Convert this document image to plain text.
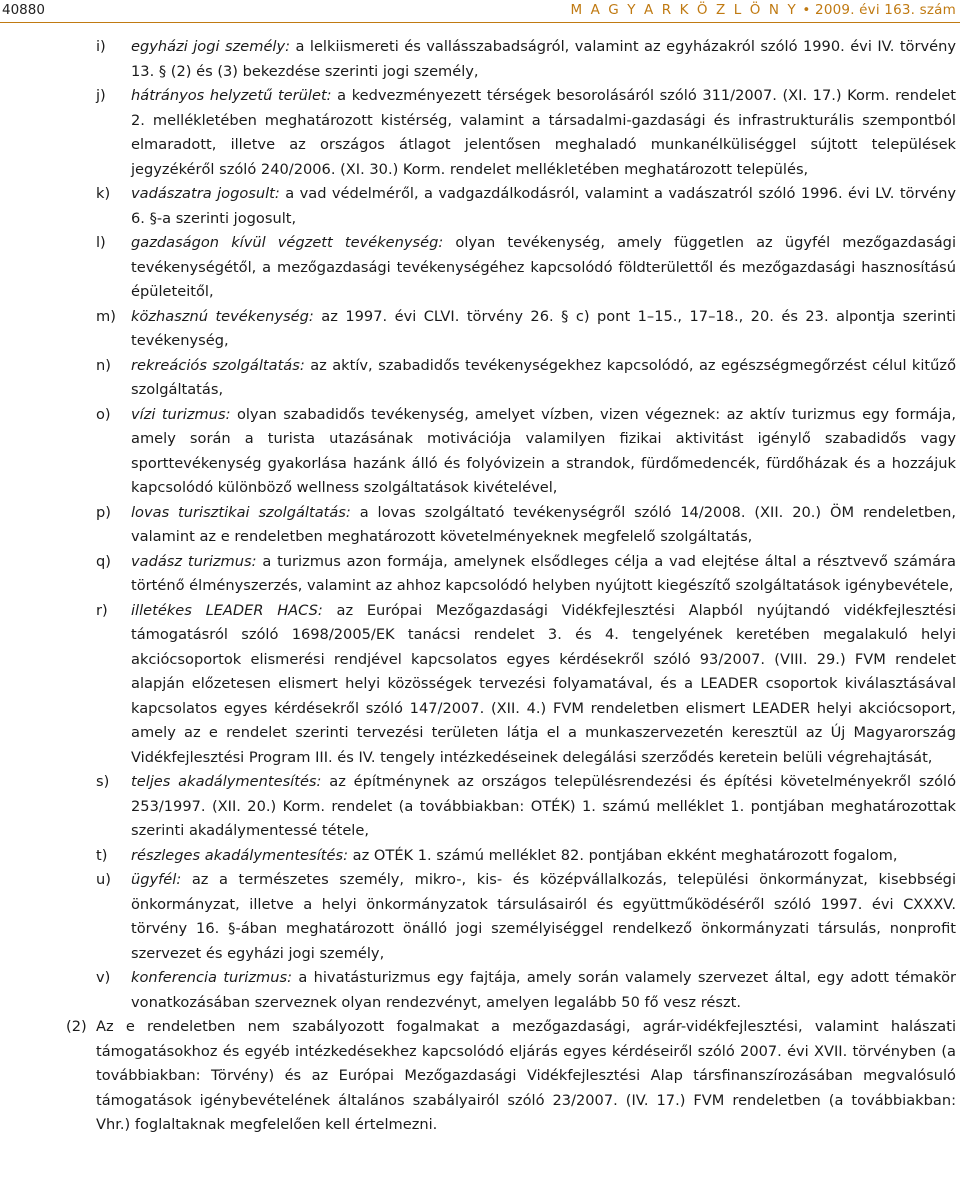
40880	M A G Y A R K Ö Z L Ö N Y • 2009. évi 163. szám
i) egyházi jogi személy: a lelkiismereti és vallásszabadságról, valamint az egyházakról szóló 1990. évi IV. törvény 13. § (2) és (3) bekezdése szerinti jogi személy,
j) hátrányos helyzetű terület: a kedvezményezett térségek besorolásáról szóló 311/2007. (XI. 17.) Korm. rendelet 2. mellékletében meghatározott kistérség, valamint a társadalmi-gazdasági és infrastrukturális szempontból elmaradott, illetve az országos átlagot jelentősen meghaladó munkanélküliséggel sújtott települések jegyzékéről szóló 240/2006. (XI. 30.) Korm. rendelet mellékletében meghatározott település,
k) vadászatra jogosult: a vad védelméről, a vadgazdálkodásról, valamint a vadászatról szóló 1996. évi LV. törvény 6. §-a szerinti jogosult,
l) gazdaságon kívül végzett tevékenység: olyan tevékenység, amely független az ügyfél mezőgazdasági tevékenységétől, a mezőgazdasági tevékenységéhez kapcsolódó földterülettől és mezőgazdasági hasznosítású épületeitől,
m) közhasznú tevékenység: az 1997. évi CLVI. törvény 26. § c) pont 1–15., 17–18., 20. és 23. alpontja szerinti tevékenység,
n) rekreációs szolgáltatás: az aktív, szabadidős tevékenységekhez kapcsolódó, az egészségmegőrzést célul kitűző szolgáltatás,
o) vízi turizmus: olyan szabadidős tevékenység, amelyet vízben, vizen végeznek: az aktív turizmus egy formája, amely során a turista utazásának motivációja valamilyen fizikai aktivitást igénylő szabadidős vagy sporttevékenység gyakorlása hazánk álló és folyóvizein a strandok, fürdőmedencék, fürdőházak és a hozzájuk kapcsolódó különböző wellness szolgáltatások kivételével,
p) lovas turisztikai szolgáltatás: a lovas szolgáltató tevékenységről szóló 14/2008. (XII. 20.) ÖM rendeletben, valamint az e rendeletben meghatározott követelményeknek megfelelő szolgáltatás,
q) vadász turizmus: a turizmus azon formája, amelynek elsődleges célja a vad elejtése által a résztvevő számára történő élményszerzés, valamint az ahhoz kapcsolódó helyben nyújtott kiegészítő szolgáltatások igénybevétele,
r) illetékes LEADER HACS: az Európai Mezőgazdasági Vidékfejlesztési Alapból nyújtandó vidékfejlesztési támogatásról szóló 1698/2005/EK tanácsi rendelet 3. és 4. tengelyének keretében megalakuló helyi akciócsoportok elismerési rendjével kapcsolatos egyes kérdésekről szóló 93/2007. (VIII. 29.) FVM rendelet alapján előzetesen elismert helyi közösségek tervezési folyamatával, és a LEADER csoportok kiválasztásával kapcsolatos egyes kérdésekről szóló 147/2007. (XII. 4.) FVM rendeletben elismert LEADER helyi akciócsoport, amely az e rendelet szerinti tervezési területen látja el a munkaszervezetén keresztül az Új Magyarország Vidékfejlesztési Program III. és IV. tengely intézkedéseinek delegálási szerződés keretein belüli végrehajtását,
s) teljes akadálymentesítés: az építménynek az országos településrendezési és építési követelményekről szóló 253/1997. (XII. 20.) Korm. rendelet (a továbbiakban: OTÉK) 1. számú melléklet 1. pontjában meghatározottak szerinti akadálymentessé tétele,
t) részleges akadálymentesítés: az OTÉK 1. számú melléklet 82. pontjában ekként meghatározott fogalom,
u) ügyfél: az a természetes személy, mikro-, kis- és középvállalkozás, települési önkormányzat, kisebbségi önkormányzat, illetve a helyi önkormányzatok társulásairól és együttműködéséről szóló 1997. évi CXXXV. törvény 16. §-ában meghatározott önálló jogi személyiséggel rendelkező önkormányzati társulás, nonprofit szervezet és egyházi jogi személy,
v) konferencia turizmus: a hivatásturizmus egy fajtája, amely során valamely szervezet által, egy adott témakör vonatkozásában szerveznek olyan rendezvényt, amelyen legalább 50 fő vesz részt.
(2) Az e rendeletben nem szabályozott fogalmakat a mezőgazdasági, agrár-vidékfejlesztési, valamint halászati támogatásokhoz és egyéb intézkedésekhez kapcsolódó eljárás egyes kérdéseiről szóló 2007. évi XVII. törvényben (a továbbiakban: Törvény) és az Európai Mezőgazdasági Vidékfejlesztési Alap társfinanszírozásában megvalósuló támogatások igénybevételének általános szabályairól szóló 23/2007. (IV. 17.) FVM rendeletben (a továbbiakban: Vhr.) foglaltaknak megfelelően kell értelmezni.
